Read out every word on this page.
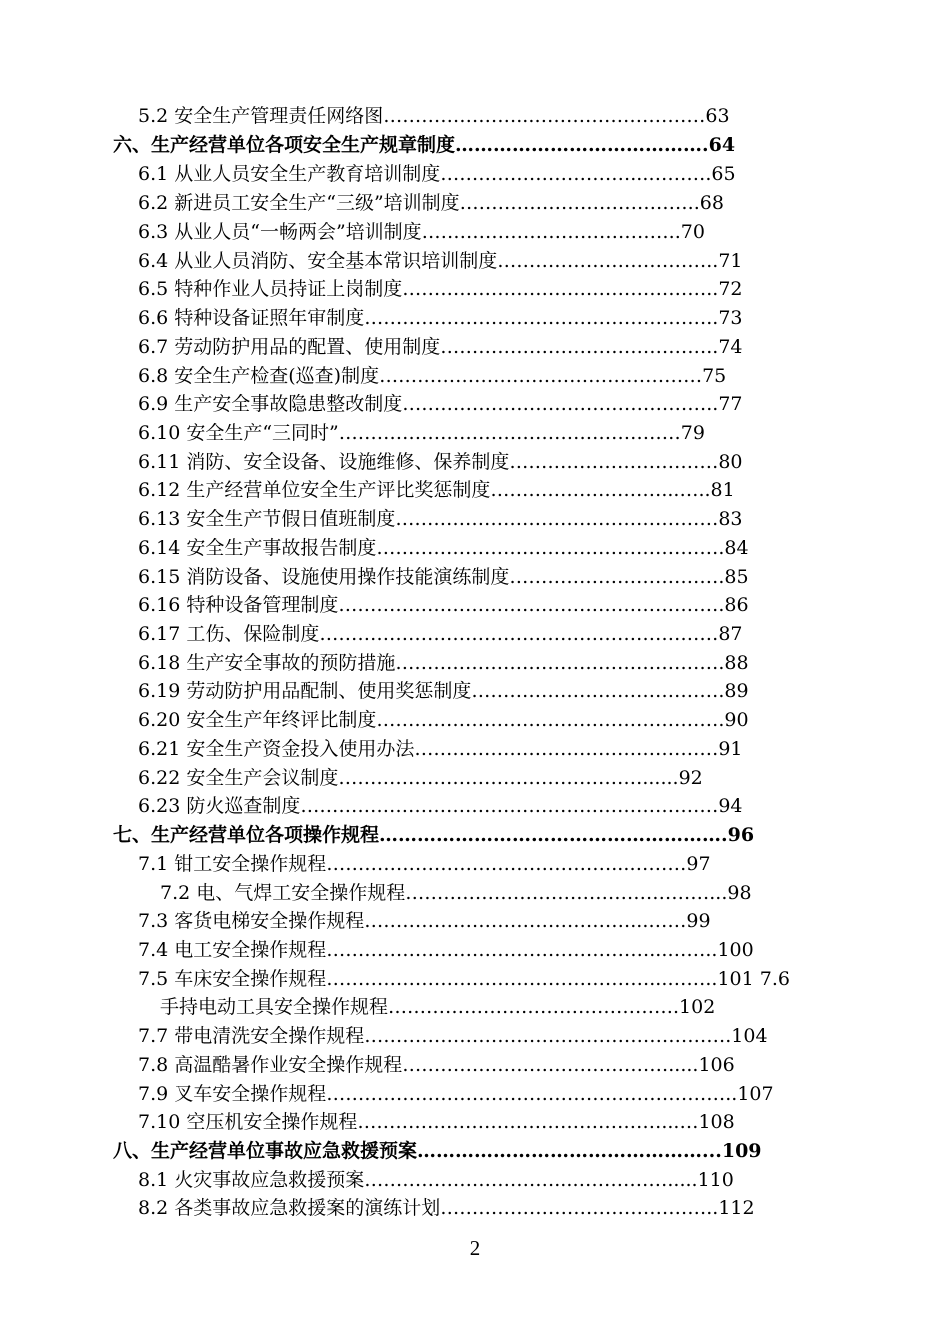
5.2 安全生产管理责任网络图…………………...………………………63
六、生产经营单位各项安全生产规章制度………………………………….64
6.1 从业人员安全生产教育培训制度…………………………...……….65
6.2 新进员工安全生产“三级”培训制度………………………………..68
6.3 从业人员“一畅两会”培训制度…………………………………..70
6.4 从业人员消防、安全基本常识培训制度……………………………..71
6.5 特种作业人员持证上岗制度…………………………………………..72
6.6 特种设备证照年审制度………………………………………………..73
6.7 劳动防护用品的配置、使用制度……………………………………..74
6.8 安全生产检查(巡查)制度……………………………………………75
6.9 生产安全事故隐患整改制度…………………………………………..77
6.10 安全生产“三同时”………………………………………………79
6.11 消防、安全设备、设施维修、保养制度……………………………80
6.12 生产经营单位安全生产评比奖惩制度………………………...…..81
6.13 安全生产节假日值班制度……………………………………………83
6.14 安全生产事故报告制度……………………………………………….84
6.15 消防设备、设施使用操作技能演练制度…………………………….85
6.16 特种设备管理制度…………………………………………………….86
6.17 工伤、保险制度………………………………………………………87
6.18 生产安全事故的预防措施…………………………………………….88
6.19 劳动防护用品配制、使用奖惩制度………………………………….89
6.20 安全生产年终评比制度……………………………………………….90
6.21 安全生产资金投入使用办法…………………………………………91
6.22 安全生产会议制度…………………………………………......92
6.23 防火巡查制度…………………………………………………………94
七、生产经营单位各项操作规程……………………………………………….96
7.1 钳工安全操作规程………………………………………...………97
7.2 电、气焊工安全操作规程…………………………………………...98
7.3 客货电梯安全操作规程……………………………………...……99
7.4 电工安全操作规程……………………………………………...……..100
7.5 车床安全操作规程……………………………………………...……..101 7.6
手持电动工具安全操作规程……………………………………….102
7.7 带电清洗安全操作规程………………………………………………….104
7.8 高温酷暑作业安全操作规程…………………………………….....106
7.9 叉车安全操作规程………………………………………………………..107
7.10 空压机安全操作规程…………………………………………...…108
八、生产经营单位事故应急救援预案………………………………………...109
8.1 火灾事故应急救援预案…………………………...…………….....110
8.2 各类事故应急救援案的演练计划……………………………………..112
2
